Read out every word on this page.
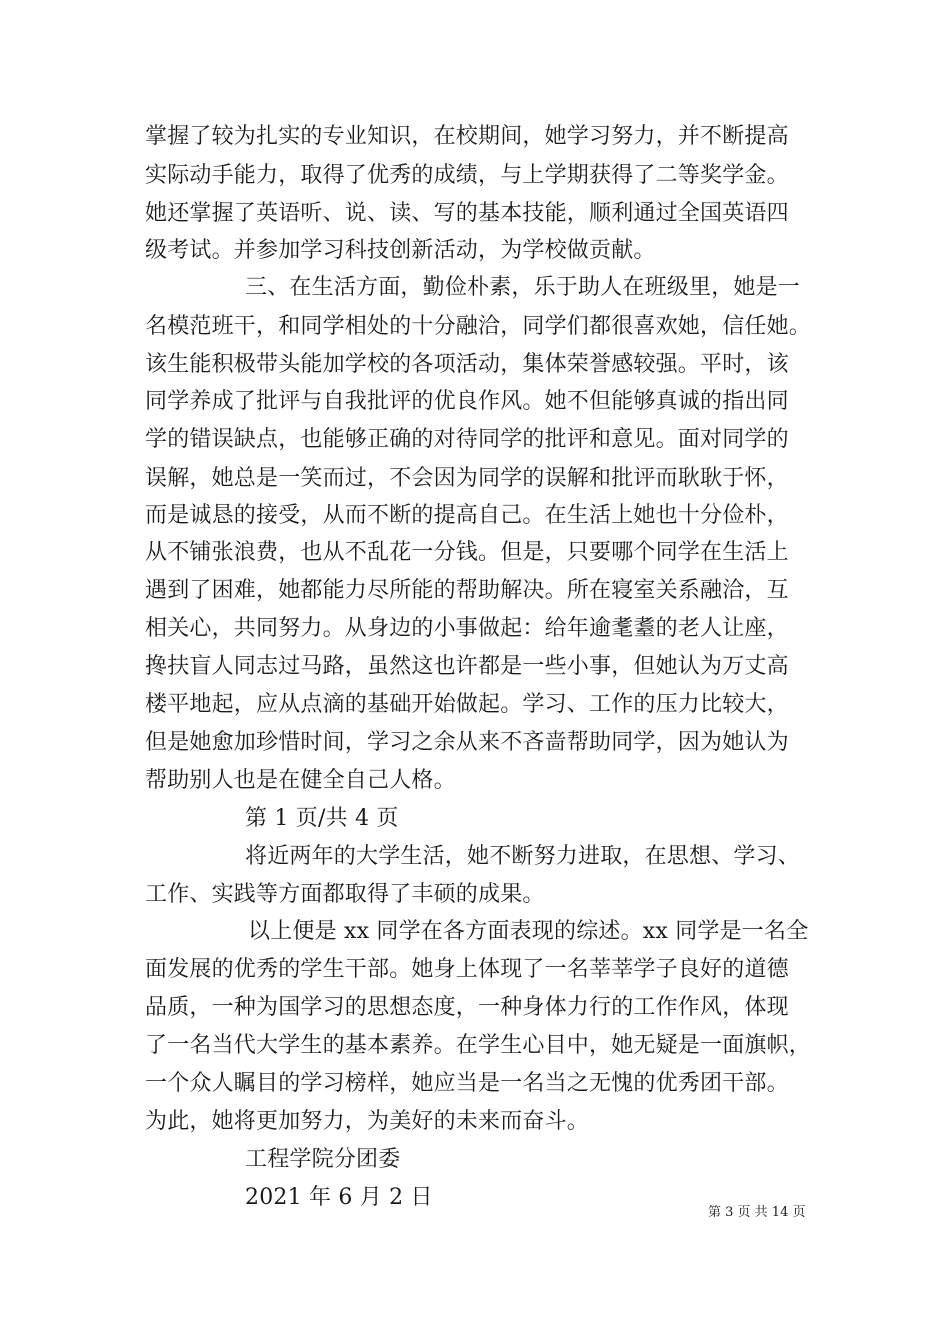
掌握了较为扎实的专业知识，在校期间，她学习努力，并不断提高
实际动手能力，取得了优秀的成绩，与上学期获得了二等奖学金。
她还掌握了英语听、说、读、写的基本技能，顺利通过全国英语四
级考试。并参加学习科技创新活动，为学校做贡献。
三、在生活方面，勤俭朴素，乐于助人在班级里，她是一
名模范班干，和同学相处的十分融洽，同学们都很喜欢她，信任她。
该生能积极带头能加学校的各项活动，集体荣誉感较强。平时，该
同学养成了批评与自我批评的优良作风。她不但能够真诚的指出同
学的错误缺点，也能够正确的对待同学的批评和意见。面对同学的
误解，她总是一笑而过，不会因为同学的误解和批评而耿耿于怀，
而是诚恳的接受，从而不断的提高自己。在生活上她也十分俭朴，
从不铺张浪费，也从不乱花一分钱。但是，只要哪个同学在生活上
遇到了困难，她都能力尽所能的帮助解决。所在寝室关系融洽，互
相关心，共同努力。从身边的小事做起：给年逾耄耋的老人让座，
搀扶盲人同志过马路，虽然这也许都是一些小事，但她认为万丈高
楼平地起，应从点滴的基础开始做起。学习、工作的压力比较大，
但是她愈加珍惜时间，学习之余从来不吝啬帮助同学，因为她认为
帮助别人也是在健全自己人格。
第 1 页/共 4 页
将近两年的大学生活，她不断努力进取，在思想、学习、
工作、实践等方面都取得了丰硕的成果。
以上便是 xx 同学在各方面表现的综述。xx 同学是一名全
面发展的优秀的学生干部。她身上体现了一名莘莘学子良好的道德
品质，一种为国学习的思想态度，一种身体力行的工作作风，体现
了一名当代大学生的基本素养。在学生心目中，她无疑是一面旗帜，
一个众人瞩目的学习榜样，她应当是一名当之无愧的优秀团干部。
为此，她将更加努力，为美好的未来而奋斗。
工程学院分团委
2021 年 6 月 2 日
第 3 页 共 14 页
